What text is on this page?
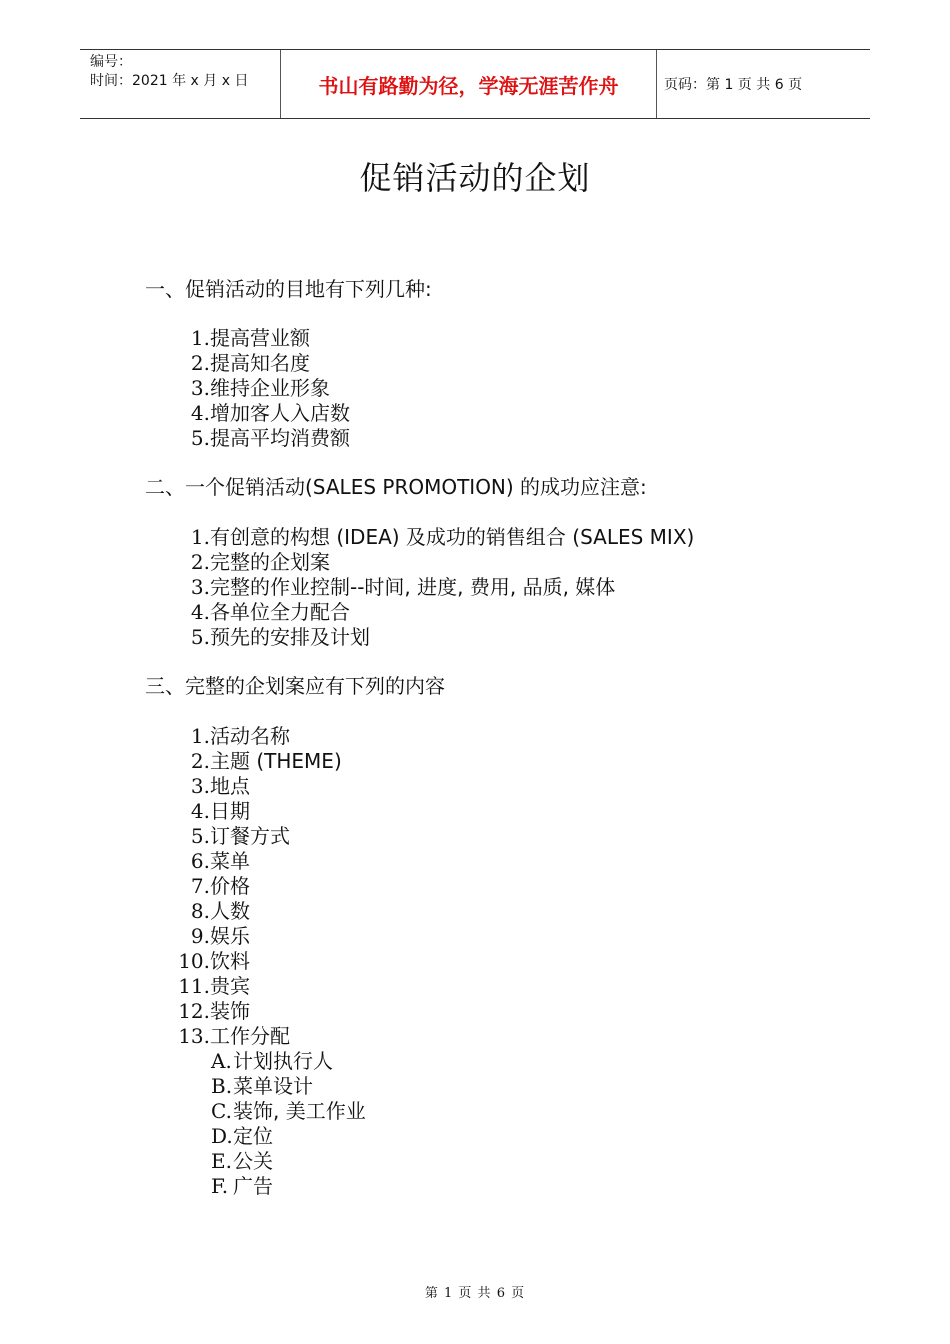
编号：
时间：2021 年 x 月 x 日	书山有路勤为径，学海无涯苦作舟	页码：第 1 页 共 6 页
促销活动的企划
一、促销活动的目地有下列几种:
1.提高营业额
2.提高知名度
3.维持企业形象
4.增加客人入店数
5.提高平均消费额
二、一个促销活动(SALES PROMOTION) 的成功应注意:
1.有创意的构想 (IDEA) 及成功的销售组合 (SALES MIX)
2.完整的企划案
3.完整的作业控制--时间, 进度, 费用, 品质, 媒体
4.各单位全力配合
5.预先的安排及计划
三、完整的企划案应有下列的内容
1.活动名称
2.主题 (THEME)
3.地点
4.日期
5.订餐方式
6.菜单
7.价格
8.人数
9.娱乐
10.饮料
11.贵宾
12.装饰
13.工作分配
A.计划执行人
B.菜单设计
C.装饰, 美工作业
D.定位
E.公关
F. 广告
第 1 页 共 6 页
